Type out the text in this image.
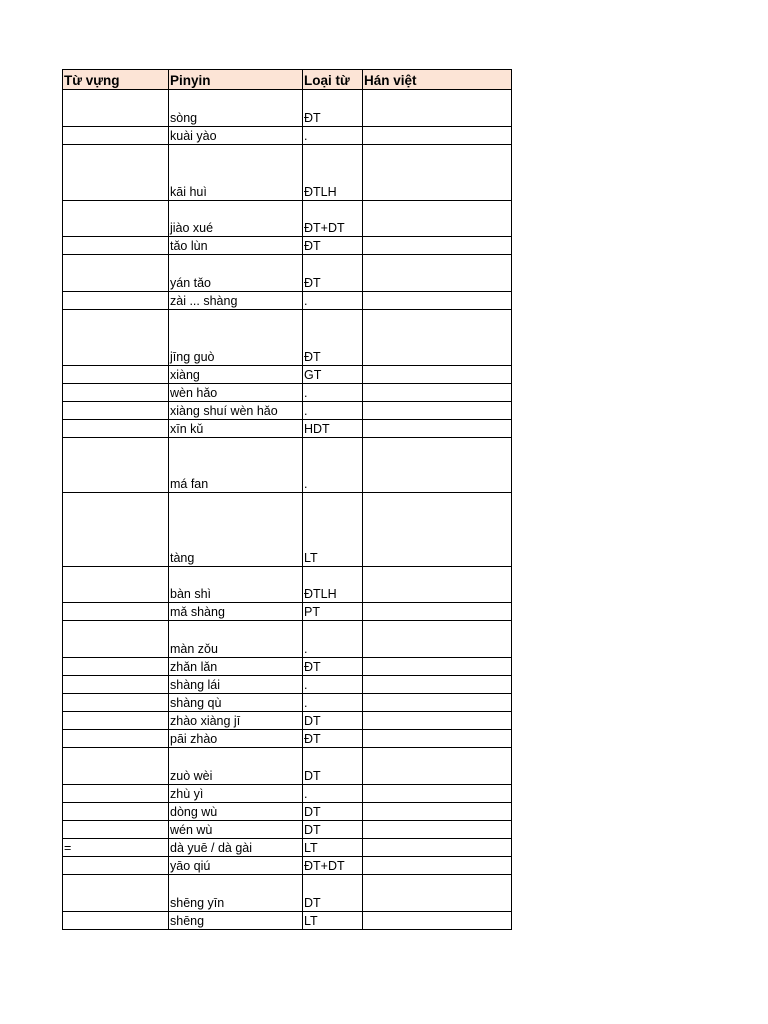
Từ vựng	Pinyin	Loại từ	Hán việt
	sòng	ĐT	
	kuài yào	.	
	kāi huì	ĐTLH	
	jiào xué	ĐT+DT	
	tǎo lùn	ĐT	
	yán tǎo	ĐT	
	zài ... shàng	.	
	jīng guò	ĐT	
	xiàng	GT	
	wèn hǎo	.	
	xiàng shuí wèn hǎo	.	
	xīn kǔ	HDT	
	má fan	.	
	tàng	LT	
	bàn shì	ĐTLH	
	mǎ shàng	PT	
	màn zǒu	.	
	zhǎn lǎn	ĐT	
	shàng lái	.	
	shàng qù	.	
	zhào xiàng jī	DT	
	pāi zhào	ĐT	
	zuò wèi	DT	
	zhù yì	.	
	dòng wù	DT	
	wén wù	DT	
=	dà yuē / dà gài	LT	
	yāo qiú	ĐT+DT	
	shēng yīn	DT	
	shēng	LT	
